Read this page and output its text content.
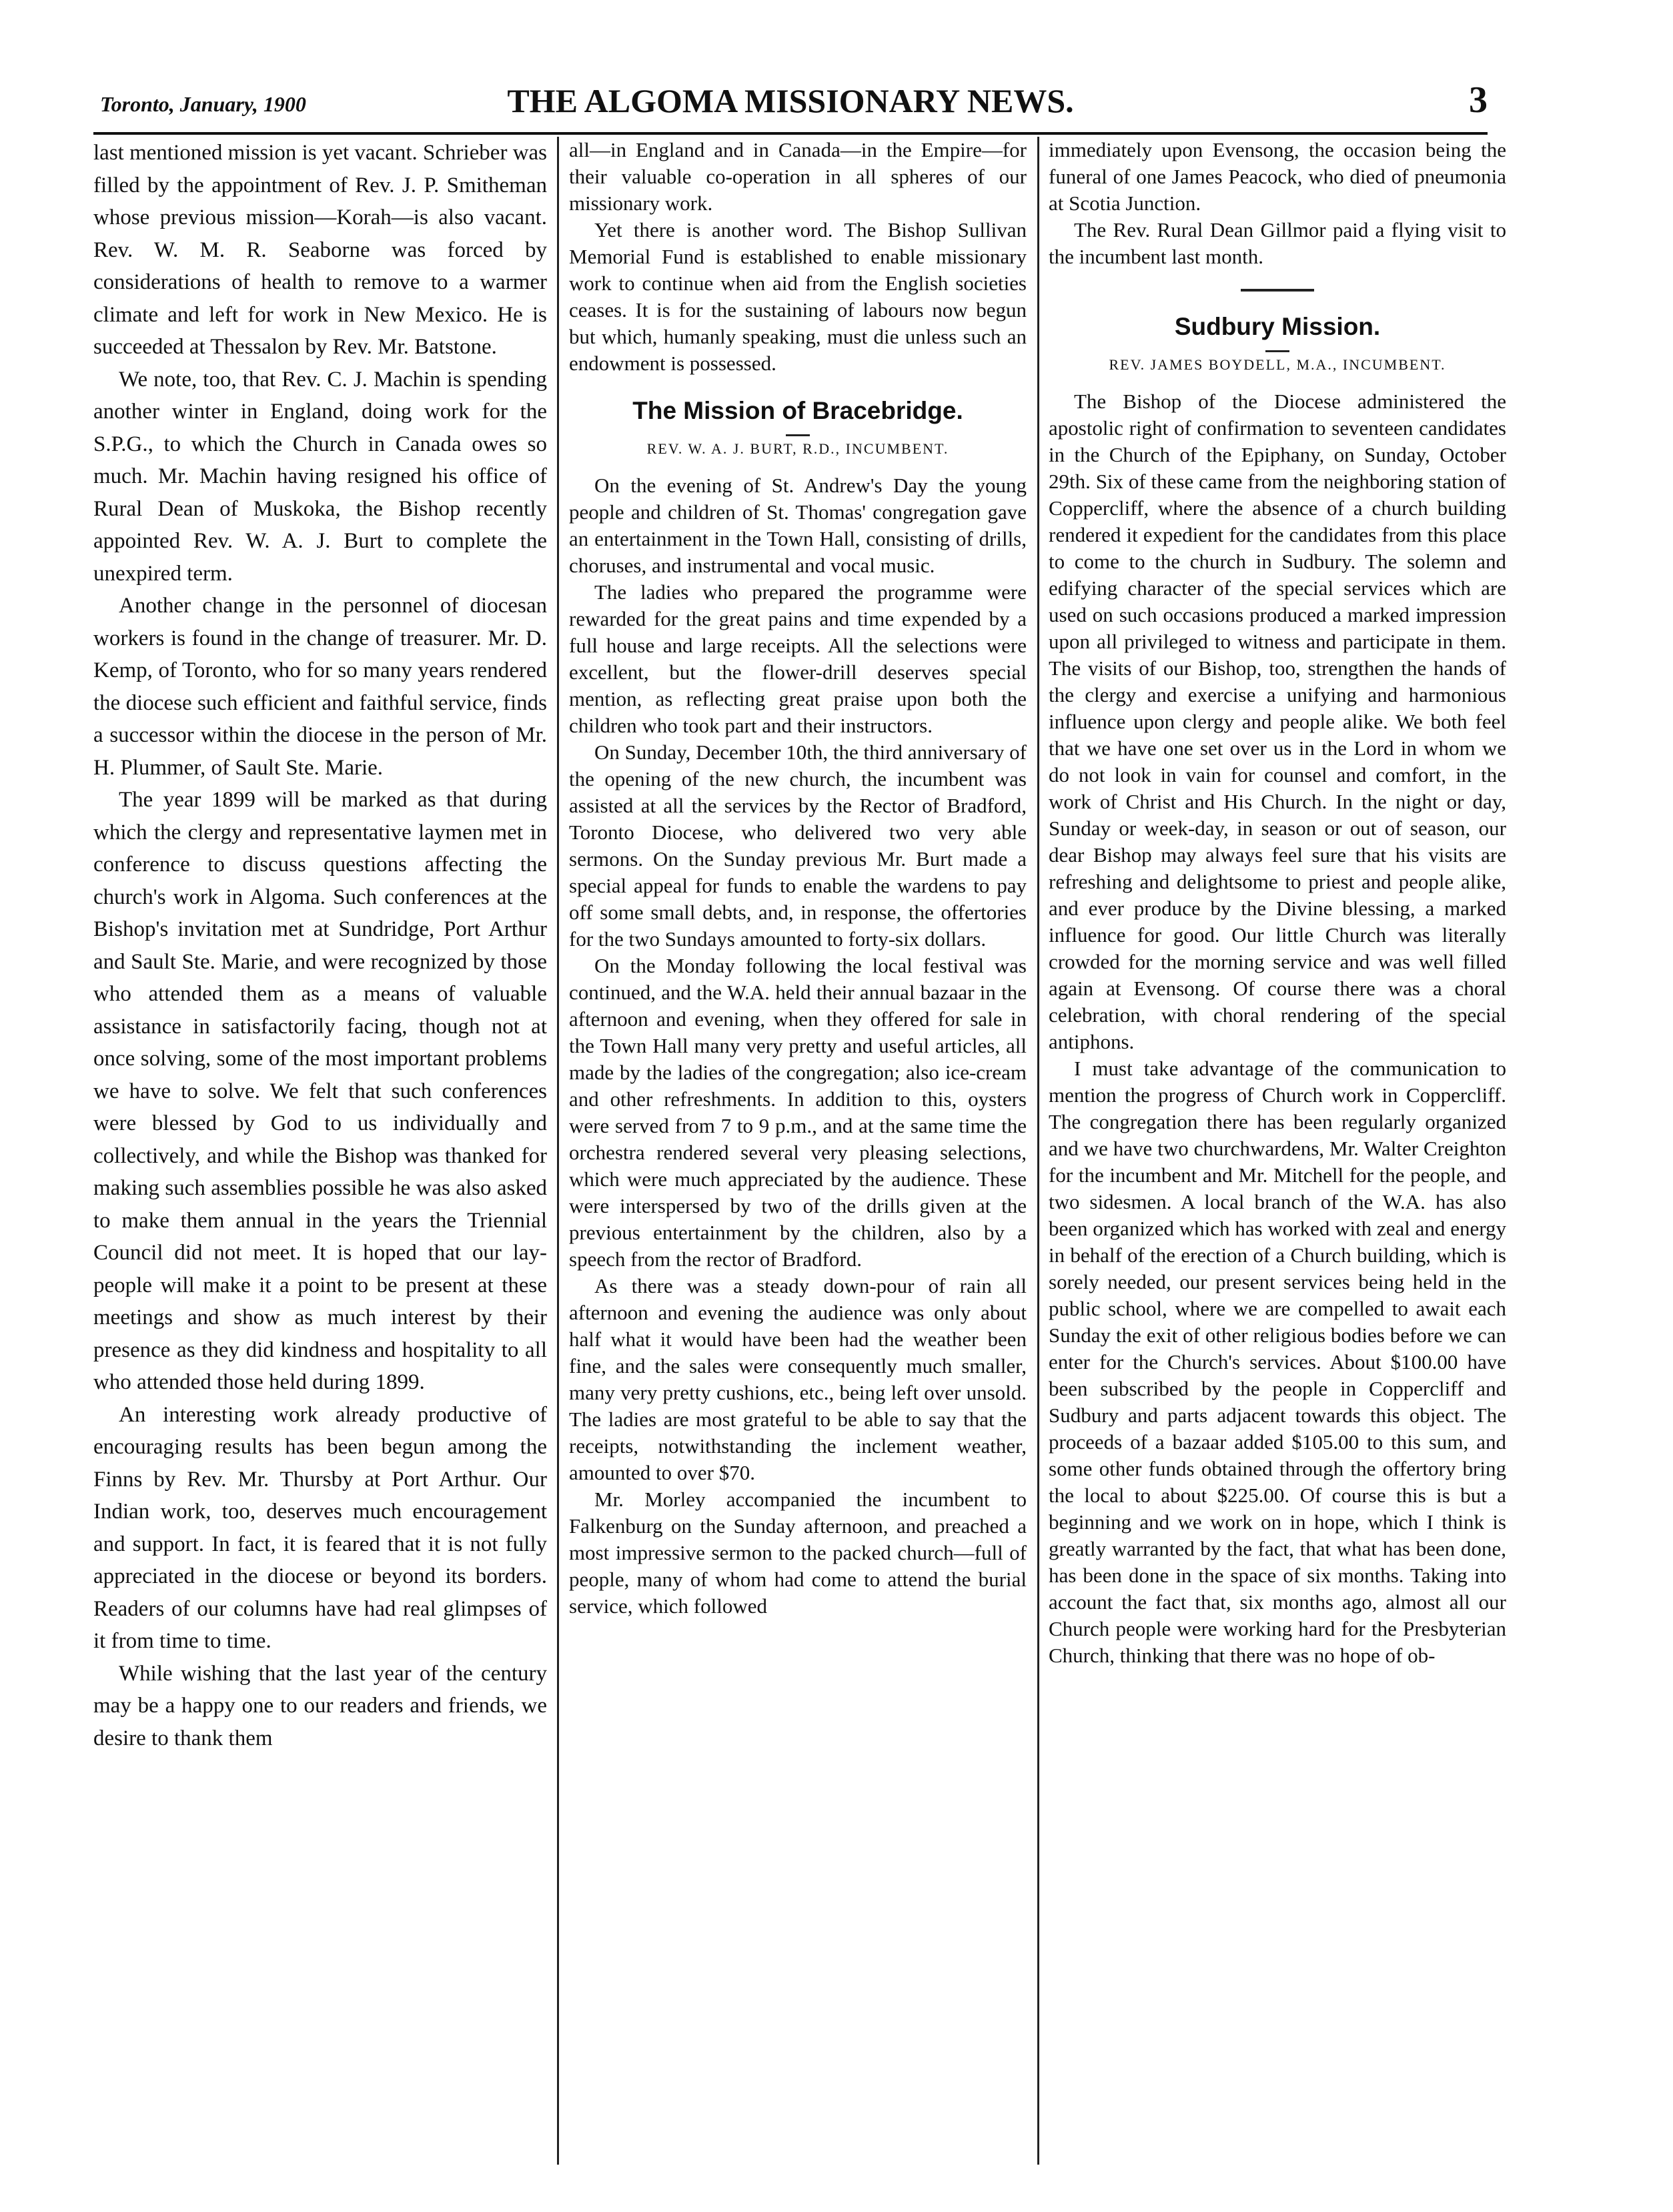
Toronto, January, 1900	THE ALGOMA MISSIONARY NEWS.	3

last mentioned mission is yet vacant. Schrieber was filled by the appointment of Rev. J. P. Smitheman whose previous mission—Korah—is also vacant. Rev. W. M. R. Seaborne was forced by considerations of health to remove to a warmer climate and left for work in New Mexico. He is succeeded at Thessalon by Rev. Mr. Batstone.

We note, too, that Rev. C. J. Machin is spending another winter in England, doing work for the S.P.G., to which the Church in Canada owes so much. Mr. Machin having resigned his office of Rural Dean of Muskoka, the Bishop recently appointed Rev. W. A. J. Burt to complete the unexpired term.

Another change in the personnel of diocesan workers is found in the change of treasurer. Mr. D. Kemp, of Toronto, who for so many years rendered the diocese such efficient and faithful service, finds a successor within the diocese in the person of Mr. H. Plummer, of Sault Ste. Marie.

The year 1899 will be marked as that during which the clergy and representative laymen met in conference to discuss questions affecting the church's work in Algoma. Such conferences at the Bishop's invitation met at Sundridge, Port Arthur and Sault Ste. Marie, and were recognized by those who attended them as a means of valuable assistance in satisfactorily facing, though not at once solving, some of the most important problems we have to solve. We felt that such conferences were blessed by God to us individually and collectively, and while the Bishop was thanked for making such assemblies possible he was also asked to make them annual in the years the Triennial Council did not meet. It is hoped that our lay-people will make it a point to be present at these meetings and show as much interest by their presence as they did kindness and hospitality to all who attended those held during 1899.

An interesting work already productive of encouraging results has been begun among the Finns by Rev. Mr. Thursby at Port Arthur. Our Indian work, too, deserves much encouragement and support. In fact, it is feared that it is not fully appreciated in the diocese or beyond its borders. Readers of our columns have had real glimpses of it from time to time.

While wishing that the last year of the century may be a happy one to our readers and friends, we desire to thank them

all—in England and in Canada—in the Empire—for their valuable co-operation in all spheres of our missionary work.

Yet there is another word. The Bishop Sullivan Memorial Fund is established to enable missionary work to continue when aid from the English societies ceases. It is for the sustaining of labours now begun but which, humanly speaking, must die unless such an endowment is possessed.

The Mission of Bracebridge.
REV. W. A. J. BURT, R.D., INCUMBENT.

On the evening of St. Andrew's Day the young people and children of St. Thomas' congregation gave an entertainment in the Town Hall, consisting of drills, choruses, and instrumental and vocal music.

The ladies who prepared the programme were rewarded for the great pains and time expended by a full house and large receipts. All the selections were excellent, but the flower-drill deserves special mention, as reflecting great praise upon both the children who took part and their instructors.

On Sunday, December 10th, the third anniversary of the opening of the new church, the incumbent was assisted at all the services by the Rector of Bradford, Toronto Diocese, who delivered two very able sermons. On the Sunday previous Mr. Burt made a special appeal for funds to enable the wardens to pay off some small debts, and, in response, the offertories for the two Sundays amounted to forty-six dollars.

On the Monday following the local festival was continued, and the W.A. held their annual bazaar in the afternoon and evening, when they offered for sale in the Town Hall many very pretty and useful articles, all made by the ladies of the congregation; also ice-cream and other refreshments. In addition to this, oysters were served from 7 to 9 p.m., and at the same time the orchestra rendered several very pleasing selections, which were much appreciated by the audience. These were interspersed by two of the drills given at the previous entertainment by the children, also by a speech from the rector of Bradford.

As there was a steady down-pour of rain all afternoon and evening the audience was only about half what it would have been had the weather been fine, and the sales were consequently much smaller, many very pretty cushions, etc., being left over unsold. The ladies are most grateful to be able to say that the receipts, notwithstanding the inclement weather, amounted to over $70.

Mr. Morley accompanied the incumbent to Falkenburg on the Sunday afternoon, and preached a most impressive sermon to the packed church—full of people, many of whom had come to attend the burial service, which followed

immediately upon Evensong, the occasion being the funeral of one James Peacock, who died of pneumonia at Scotia Junction.

The Rev. Rural Dean Gillmor paid a flying visit to the incumbent last month.

Sudbury Mission.
REV. JAMES BOYDELL, M.A., INCUMBENT.

The Bishop of the Diocese administered the apostolic right of confirmation to seventeen candidates in the Church of the Epiphany, on Sunday, October 29th. Six of these came from the neighboring station of Coppercliff, where the absence of a church building rendered it expedient for the candidates from this place to come to the church in Sudbury. The solemn and edifying character of the special services which are used on such occasions produced a marked impression upon all privileged to witness and participate in them. The visits of our Bishop, too, strengthen the hands of the clergy and exercise a unifying and harmonious influence upon clergy and people alike. We both feel that we have one set over us in the Lord in whom we do not look in vain for counsel and comfort, in the work of Christ and His Church. In the night or day, Sunday or week-day, in season or out of season, our dear Bishop may always feel sure that his visits are refreshing and delightsome to priest and people alike, and ever produce by the Divine blessing, a marked influence for good. Our little Church was literally crowded for the morning service and was well filled again at Evensong. Of course there was a choral celebration, with choral rendering of the special antiphons.

I must take advantage of the communication to mention the progress of Church work in Coppercliff. The congregation there has been regularly organized and we have two churchwardens, Mr. Walter Creighton for the incumbent and Mr. Mitchell for the people, and two sidesmen. A local branch of the W.A. has also been organized which has worked with zeal and energy in behalf of the erection of a Church building, which is sorely needed, our present services being held in the public school, where we are compelled to await each Sunday the exit of other religious bodies before we can enter for the Church's services. About $100.00 have been subscribed by the people in Coppercliff and Sudbury and parts adjacent towards this object. The proceeds of a bazaar added $105.00 to this sum, and some other funds obtained through the offertory bring the local to about $225.00. Of course this is but a beginning and we work on in hope, which I think is greatly warranted by the fact, that what has been done, has been done in the space of six months. Taking into account the fact that, six months ago, almost all our Church people were working hard for the Presbyterian Church, thinking that there was no hope of ob-
